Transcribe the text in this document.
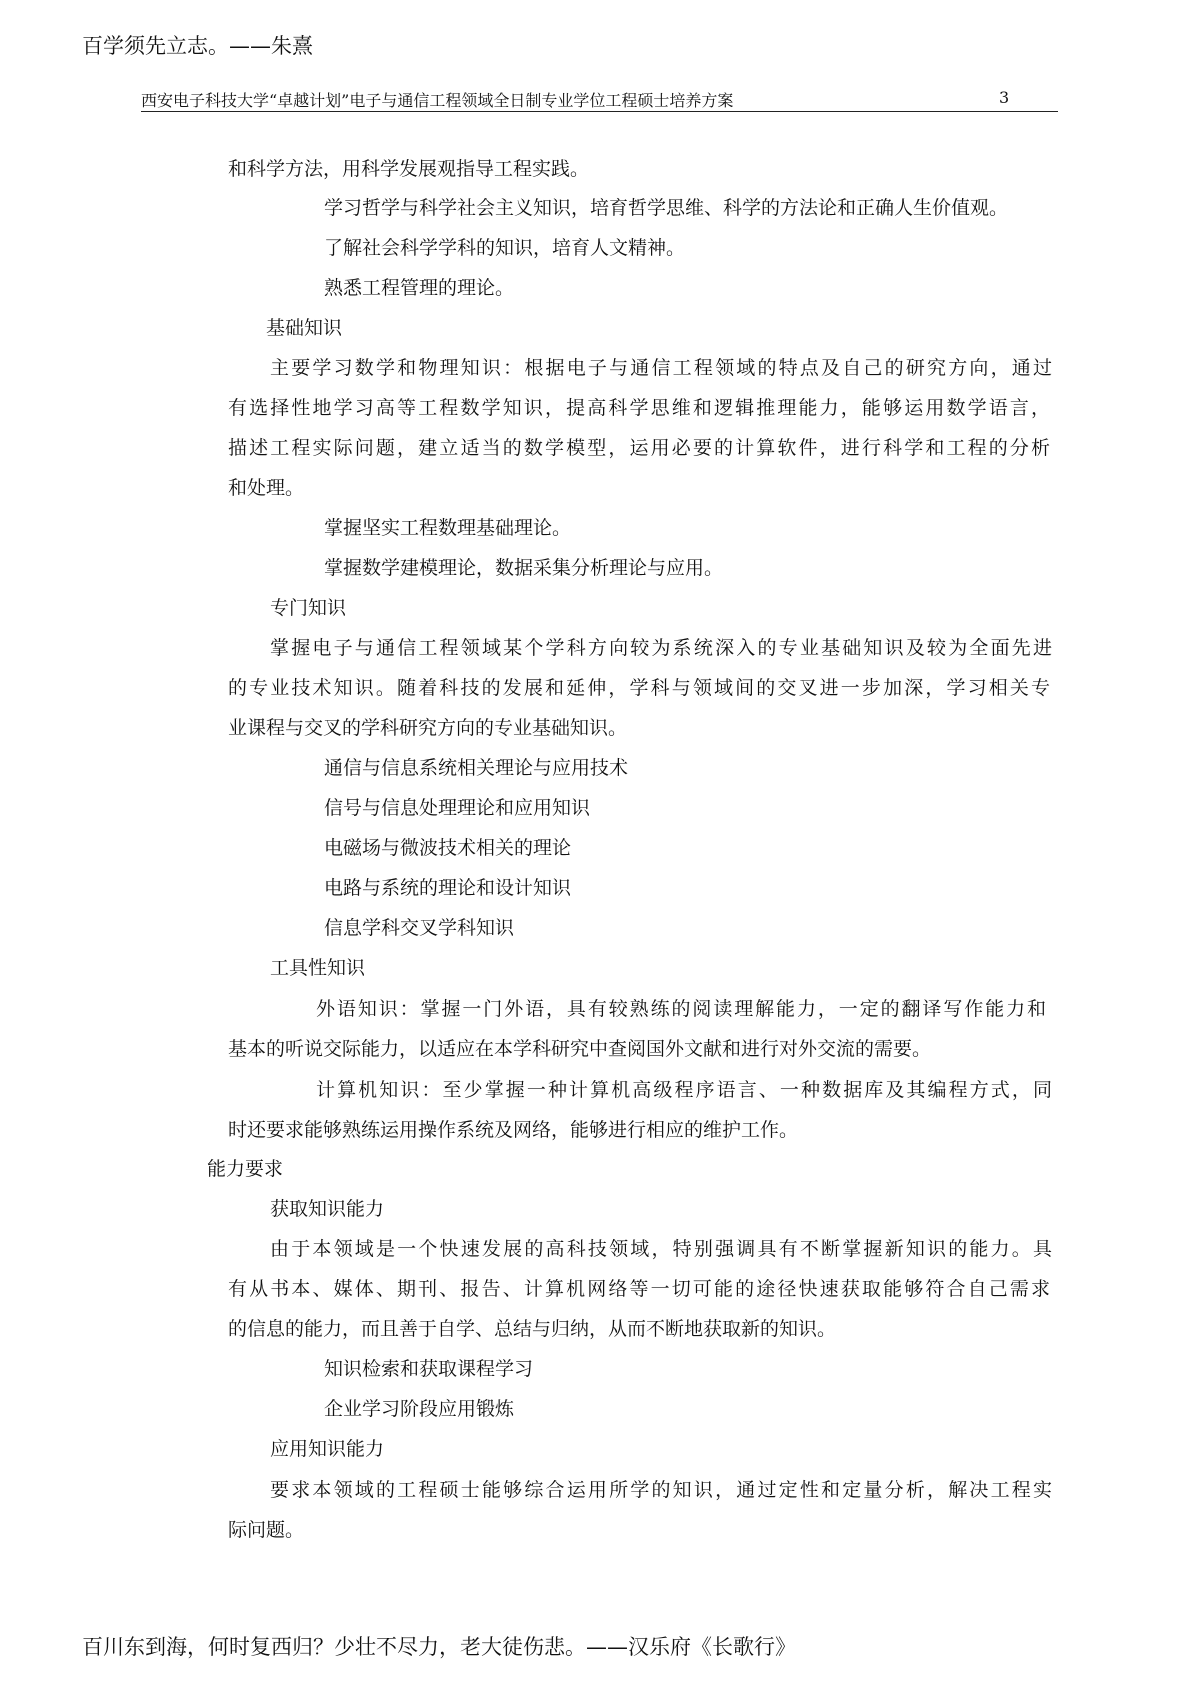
百学须先立志。——朱熹
西安电子科技大学“卓越计划”电子与通信工程领域全日制专业学位工程硕士培养方案	3
和科学方法，用科学发展观指导工程实践。
学习哲学与科学社会主义知识，培育哲学思维、科学的方法论和正确人生价值观。
了解社会科学学科的知识，培育人文精神。
熟悉工程管理的理论。
基础知识
主要学习数学和物理知识：根据电子与通信工程领域的特点及自己的研究方向，通过
有选择性地学习高等工程数学知识，提高科学思维和逻辑推理能力，能够运用数学语言，
描述工程实际问题，建立适当的数学模型，运用必要的计算软件，进行科学和工程的分析
和处理。
掌握坚实工程数理基础理论。
掌握数学建模理论，数据采集分析理论与应用。
专门知识
掌握电子与通信工程领域某个学科方向较为系统深入的专业基础知识及较为全面先进
的专业技术知识。随着科技的发展和延伸，学科与领域间的交叉进一步加深，学习相关专
业课程与交叉的学科研究方向的专业基础知识。
通信与信息系统相关理论与应用技术
信号与信息处理理论和应用知识
电磁场与微波技术相关的理论
电路与系统的理论和设计知识
信息学科交叉学科知识
工具性知识
外语知识：掌握一门外语，具有较熟练的阅读理解能力，一定的翻译写作能力和
基本的听说交际能力，以适应在本学科研究中查阅国外文献和进行对外交流的需要。
计算机知识：至少掌握一种计算机高级程序语言、一种数据库及其编程方式，同
时还要求能够熟练运用操作系统及网络，能够进行相应的维护工作。
能力要求
获取知识能力
由于本领域是一个快速发展的高科技领域，特别强调具有不断掌握新知识的能力。具
有从书本、媒体、期刊、报告、计算机网络等一切可能的途径快速获取能够符合自己需求
的信息的能力，而且善于自学、总结与归纳，从而不断地获取新的知识。
知识检索和获取课程学习
企业学习阶段应用锻炼
应用知识能力
要求本领域的工程硕士能够综合运用所学的知识，通过定性和定量分析，解决工程实
际问题。
百川东到海，何时复西归？少壮不尽力，老大徒伤悲。——汉乐府《长歌行》
